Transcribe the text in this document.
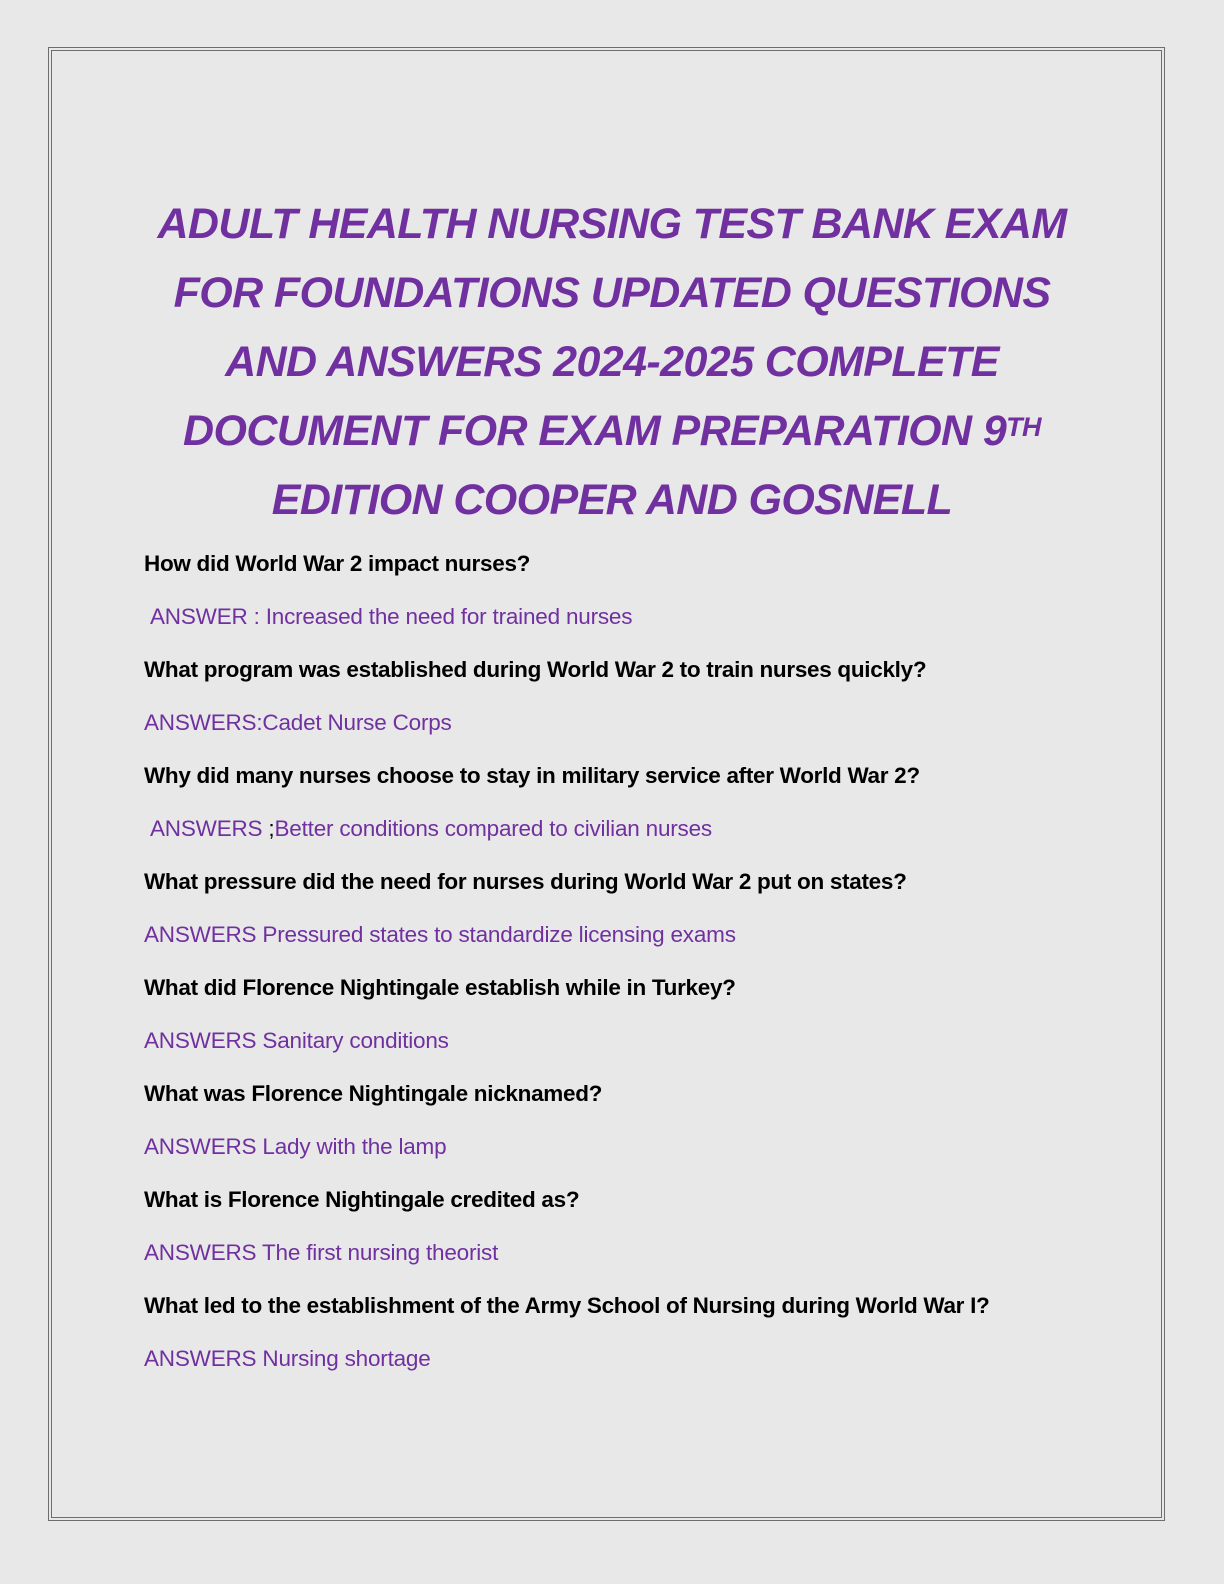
ADULT HEALTH NURSING TEST BANK EXAM
FOR FOUNDATIONS UPDATED QUESTIONS
AND ANSWERS 2024-2025 COMPLETE
DOCUMENT FOR EXAM PREPARATION 9TH
EDITION COOPER AND GOSNELL

How did World War 2 impact nurses?

ANSWER : Increased the need for trained nurses

What program was established during World War 2 to train nurses quickly?

ANSWERS:Cadet Nurse Corps

Why did many nurses choose to stay in military service after World War 2?

ANSWERS ;Better conditions compared to civilian nurses

What pressure did the need for nurses during World War 2 put on states?

ANSWERS Pressured states to standardize licensing exams

What did Florence Nightingale establish while in Turkey?

ANSWERS Sanitary conditions

What was Florence Nightingale nicknamed?

ANSWERS Lady with the lamp

What is Florence Nightingale credited as?

ANSWERS The first nursing theorist

What led to the establishment of the Army School of Nursing during World War I?

ANSWERS Nursing shortage
